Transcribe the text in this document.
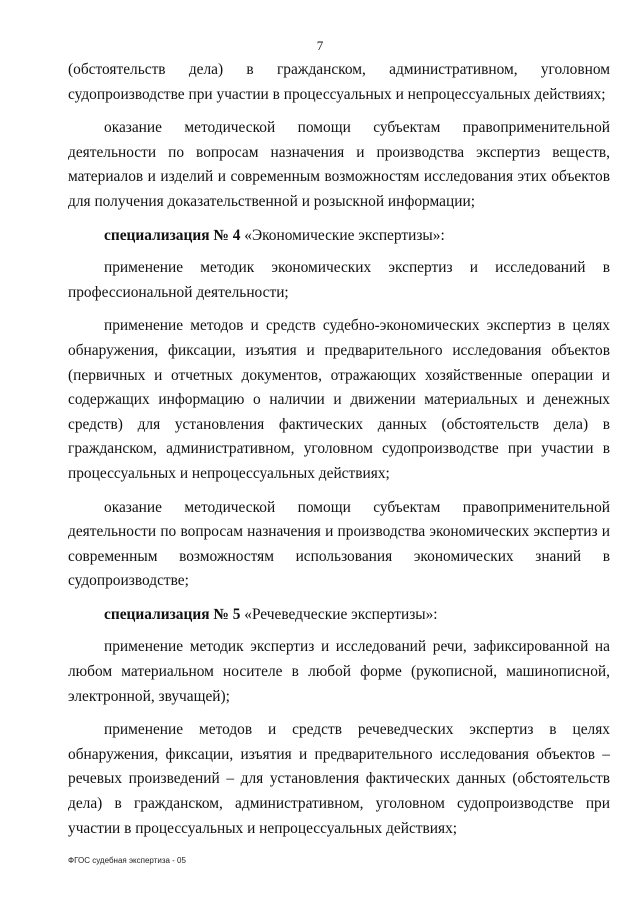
7

(обстоятельств дела) в гражданском, административном, уголовном судопроизводстве при участии в процессуальных и непроцессуальных действиях;

оказание методической помощи субъектам правоприменительной деятельности по вопросам назначения и производства экспертиз веществ, материалов и изделий и современным возможностям исследования этих объектов для получения доказательственной и розыскной информации;

специализация № 4 «Экономические экспертизы»:

применение методик экономических экспертиз и исследований в профессиональной деятельности;

применение методов и средств судебно-экономических экспертиз в целях обнаружения, фиксации, изъятия и предварительного исследования объектов (первичных и отчетных документов, отражающих хозяйственные операции и содержащих информацию о наличии и движении материальных и денежных средств) для установления фактических данных (обстоятельств дела) в гражданском, административном, уголовном судопроизводстве при участии в процессуальных и непроцессуальных действиях;

оказание методической помощи субъектам правоприменительной деятельности по вопросам назначения и производства экономических экспертиз и современным возможностям использования экономических знаний в судопроизводстве;

специализация № 5 «Речеведческие экспертизы»:

применение методик экспертиз и исследований речи, зафиксированной на любом материальном носителе в любой форме (рукописной, машинописной, электронной, звучащей);

применение методов и средств речеведческих экспертиз в целях обнаружения, фиксации, изъятия и предварительного исследования объектов – речевых произведений – для установления фактических данных (обстоятельств дела) в гражданском, административном, уголовном судопроизводстве при участии в процессуальных и непроцессуальных действиях;

ФГОС судебная экспертиза - 05
